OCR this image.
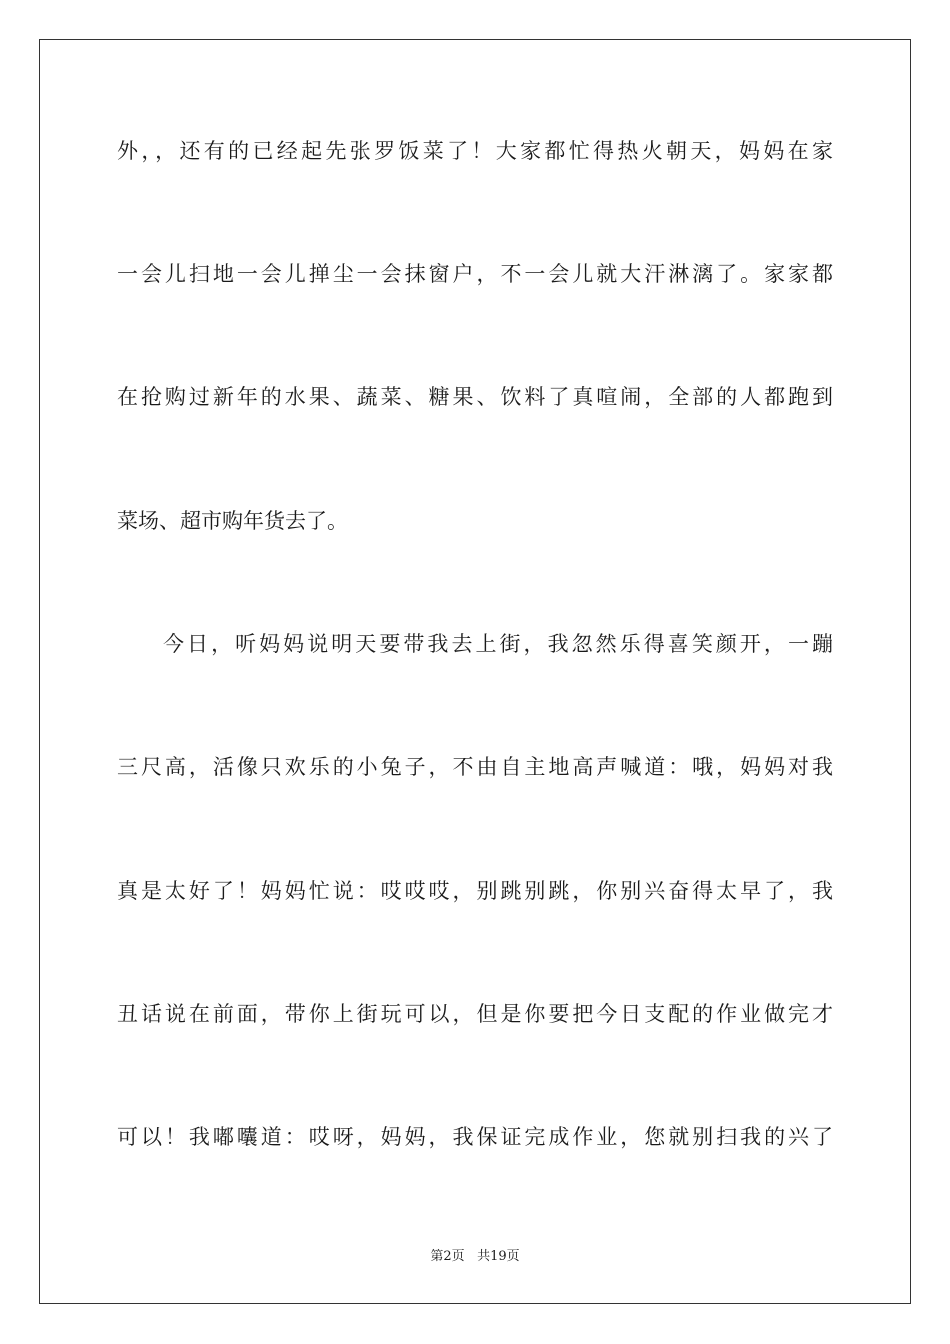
外，，还有的已经起先张罗饭菜了！大家都忙得热火朝天，妈妈在家
一会儿扫地一会儿掸尘一会抹窗户，不一会儿就大汗淋漓了。家家都
在抢购过新年的水果、蔬菜、糖果、饮料了真喧闹，全部的人都跑到
菜场、超市购年货去了。
今日，听妈妈说明天要带我去上街，我忽然乐得喜笑颜开，一蹦
三尺高，活像只欢乐的小兔子，不由自主地高声喊道：哦，妈妈对我
真是太好了！妈妈忙说：哎哎哎，别跳别跳，你别兴奋得太早了，我
丑话说在前面，带你上街玩可以，但是你要把今日支配的作业做完才
可以！我嘟囔道：哎呀，妈妈，我保证完成作业，您就别扫我的兴了
第2页 共19页
